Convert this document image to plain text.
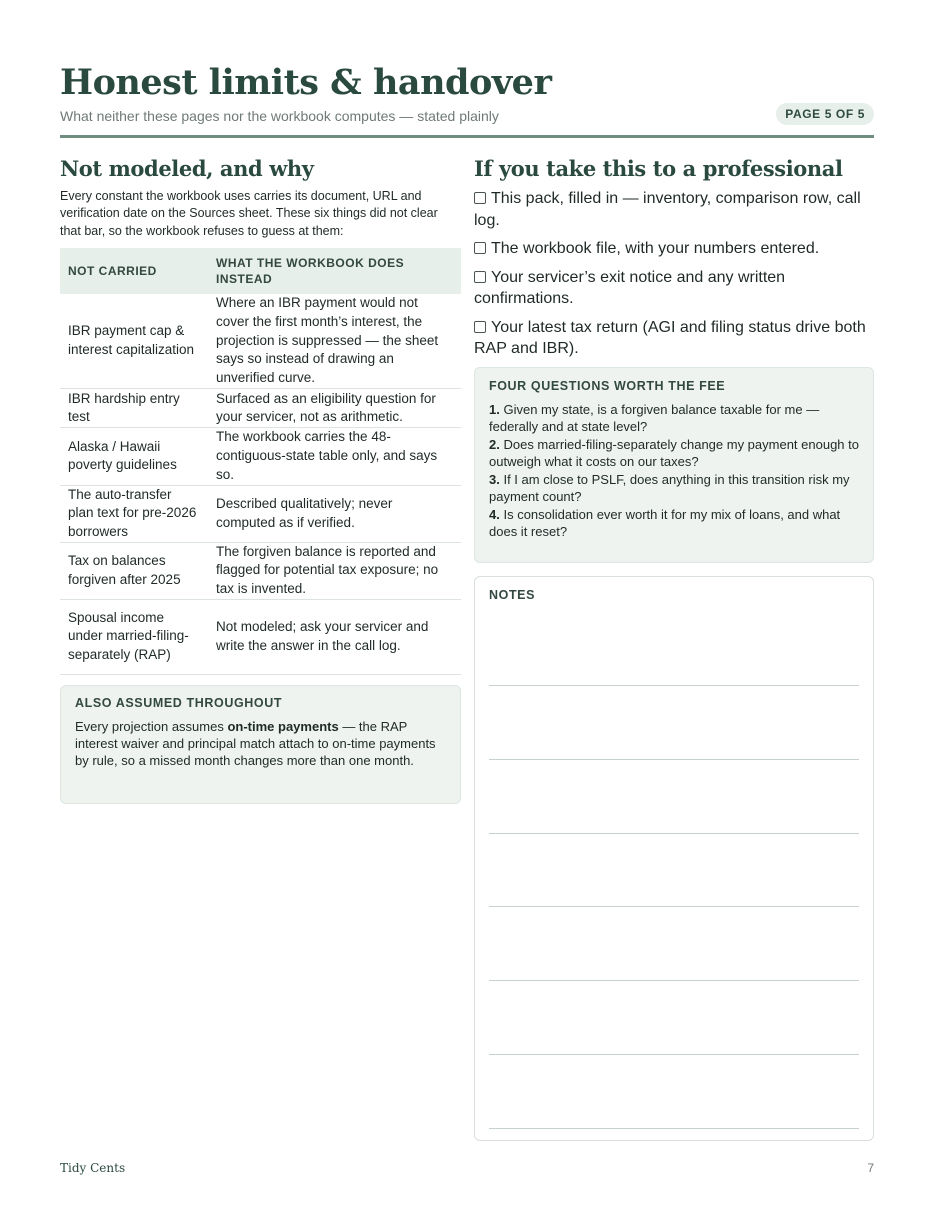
Honest limits & handover
What neither these pages nor the workbook computes — stated plainly	PAGE 5 OF 5
Not modeled, and why
Every constant the workbook uses carries its document, URL and verification date on the Sources sheet. These six things did not clear that bar, so the workbook refuses to guess at them:
NOT CARRIED	WHAT THE WORKBOOK DOES INSTEAD
IBR payment cap & interest capitalization	Where an IBR payment would not cover the first month’s interest, the projection is suppressed — the sheet says so instead of drawing an unverified curve.
IBR hardship entry test	Surfaced as an eligibility question for your servicer, not as arithmetic.
Alaska / Hawaii poverty guidelines	The workbook carries the 48-contiguous-state table only, and says so.
The auto-transfer plan text for pre-2026 borrowers	Described qualitatively; never computed as if verified.
Tax on balances forgiven after 2025	The forgiven balance is reported and flagged for potential tax exposure; no tax is invented.
Spousal income under married-filing-separately (RAP)	Not modeled; ask your servicer and write the answer in the call log.
ALSO ASSUMED THROUGHOUT
Every projection assumes on-time payments — the RAP interest waiver and principal match attach to on-time payments by rule, so a missed month changes more than one month.
If you take this to a professional
This pack, filled in — inventory, comparison row, call log.
The workbook file, with your numbers entered.
Your servicer’s exit notice and any written confirmations.
Your latest tax return (AGI and filing status drive both RAP and IBR).
FOUR QUESTIONS WORTH THE FEE
1. Given my state, is a forgiven balance taxable for me — federally and at state level?
2. Does married-filing-separately change my payment enough to outweigh what it costs on our taxes?
3. If I am close to PSLF, does anything in this transition risk my payment count?
4. Is consolidation ever worth it for my mix of loans, and what does it reset?
NOTES
Tidy Cents	7
